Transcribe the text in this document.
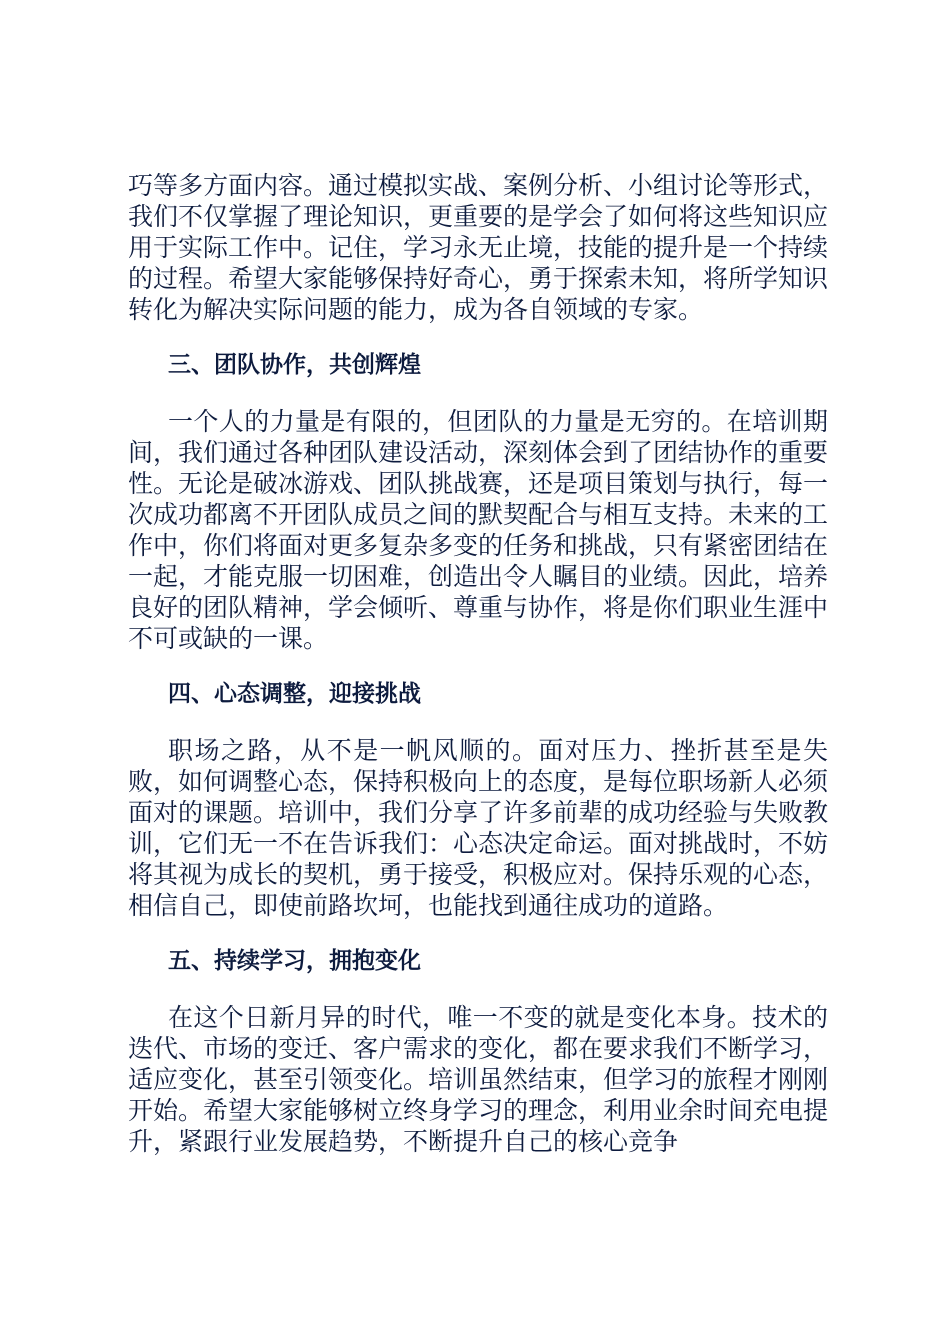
巧等多方面内容。通过模拟实战、案例分析、小组讨论等形式，我们不仅掌握了理论知识，更重要的是学会了如何将这些知识应用于实际工作中。记住，学习永无止境，技能的提升是一个持续的过程。希望大家能够保持好奇心，勇于探索未知，将所学知识转化为解决实际问题的能力，成为各自领域的专家。

三、团队协作，共创辉煌

一个人的力量是有限的，但团队的力量是无穷的。在培训期间，我们通过各种团队建设活动，深刻体会到了团结协作的重要性。无论是破冰游戏、团队挑战赛，还是项目策划与执行，每一次成功都离不开团队成员之间的默契配合与相互支持。未来的工作中，你们将面对更多复杂多变的任务和挑战，只有紧密团结在一起，才能克服一切困难，创造出令人瞩目的业绩。因此，培养良好的团队精神，学会倾听、尊重与协作，将是你们职业生涯中不可或缺的一课。

四、心态调整，迎接挑战

职场之路，从不是一帆风顺的。面对压力、挫折甚至是失败，如何调整心态，保持积极向上的态度，是每位职场新人必须面对的课题。培训中，我们分享了许多前辈的成功经验与失败教训，它们无一不在告诉我们：心态决定命运。面对挑战时，不妨将其视为成长的契机，勇于接受，积极应对。保持乐观的心态，相信自己，即使前路坎坷，也能找到通往成功的道路。

五、持续学习，拥抱变化

在这个日新月异的时代，唯一不变的就是变化本身。技术的迭代、市场的变迁、客户需求的变化，都在要求我们不断学习，适应变化，甚至引领变化。培训虽然结束，但学习的旅程才刚刚开始。希望大家能够树立终身学习的理念，利用业余时间充电提升，紧跟行业发展趋势，不断提升自己的核心竞争
